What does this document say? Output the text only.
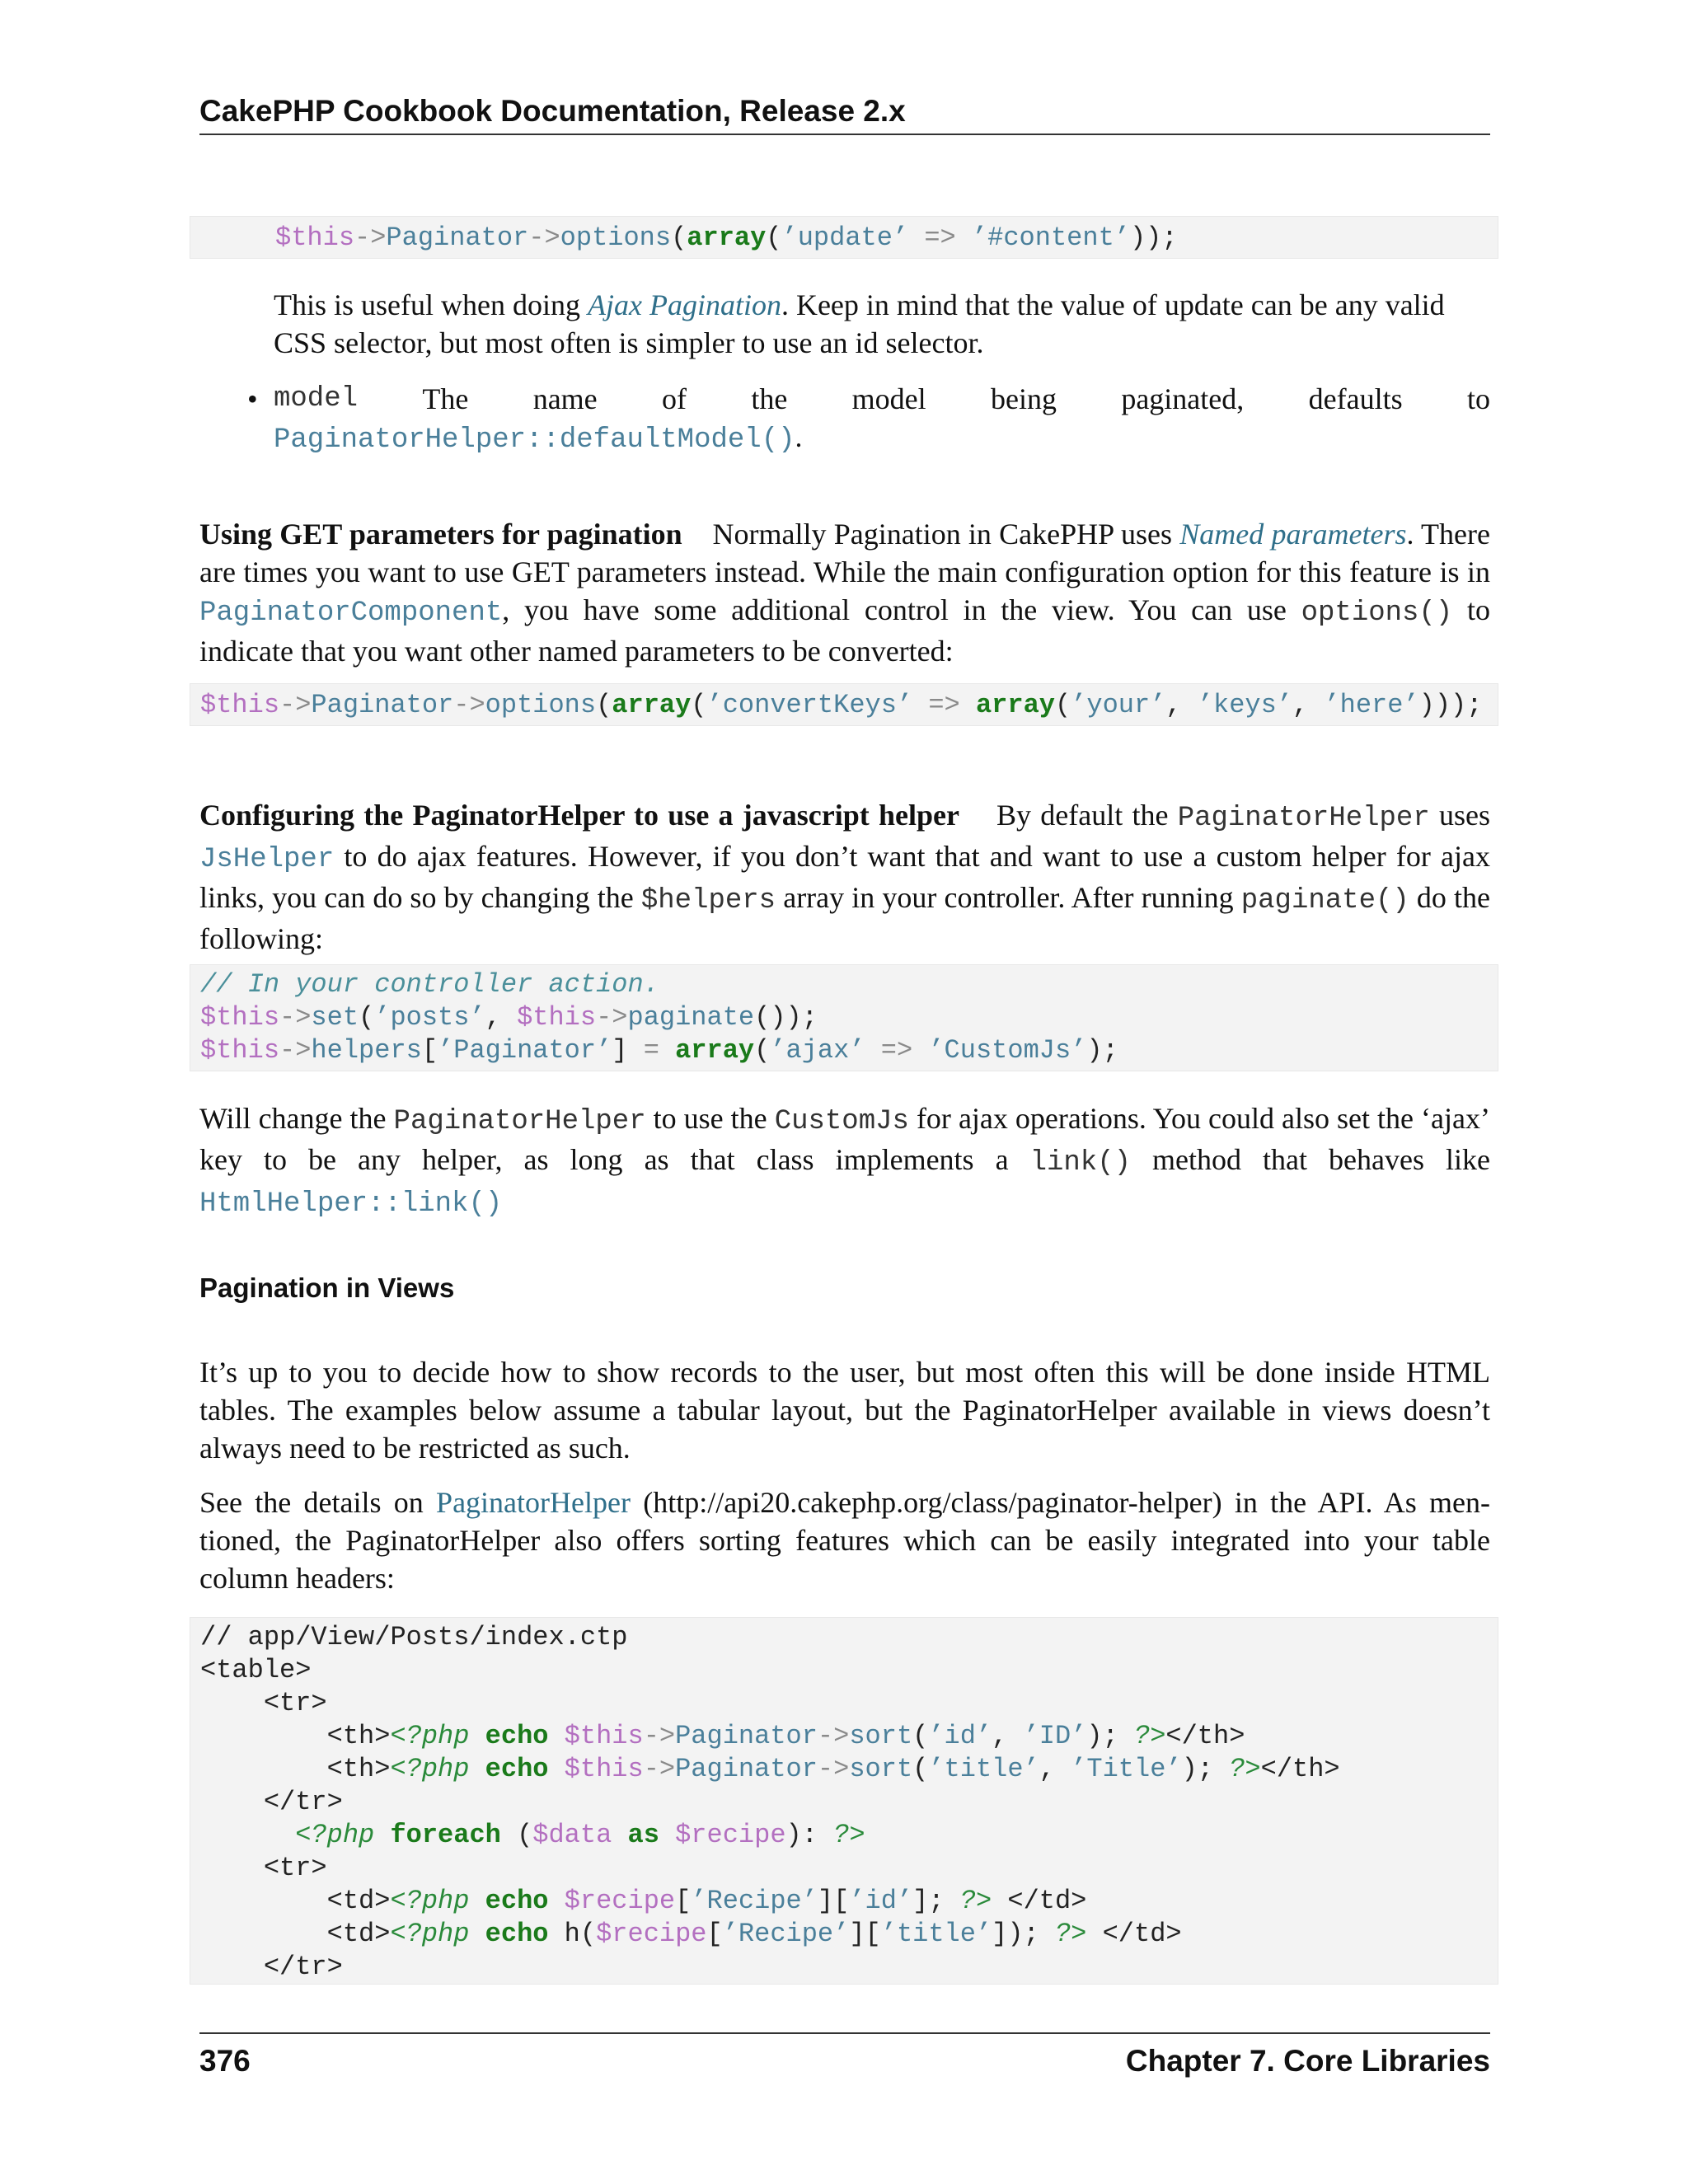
CakePHP Cookbook Documentation, Release 2.x
$this->Paginator->options(array(’update’ => ’#content’));
This is useful when doing Ajax Pagination. Keep in mind that the value of update can be any valid
CSS selector, but most often is simpler to use an id selector.
• model The name of the model being paginated, defaults to
PaginatorHelper::defaultModel().
Using GET parameters for pagination Normally Pagination in CakePHP uses Named parameters. There are times you want to use GET parameters instead. While the main configuration option for this feature is in PaginatorComponent, you have some additional control in the view. You can use options() to indicate that you want other named parameters to be converted:
$this->Paginator->options(array(’convertKeys’ => array(’your’, ’keys’, ’here’)));
Configuring the PaginatorHelper to use a javascript helper By default the PaginatorHelper uses JsHelper to do ajax features. However, if you don’t want that and want to use a custom helper for ajax links, you can do so by changing the $helpers array in your controller. After running paginate() do the following:
// In your controller action.
$this->set(’posts’, $this->paginate());
$this->helpers[’Paginator’] = array(’ajax’ => ’CustomJs’);
Will change the PaginatorHelper to use the CustomJs for ajax operations. You could also set the ‘ajax’ key to be any helper, as long as that class implements a link() method that behaves like HtmlHelper::link()
Pagination in Views
It’s up to you to decide how to show records to the user, but most often this will be done inside HTML tables. The examples below assume a tabular layout, but the PaginatorHelper available in views doesn’t always need to be restricted as such.
See the details on PaginatorHelper (http://api20.cakephp.org/class/paginator-helper) in the API. As men-tioned, the PaginatorHelper also offers sorting features which can be easily integrated into your table column headers:
// app/View/Posts/index.ctp
<table>
<tr>
<th><?php echo $this->Paginator->sort(’id’, ’ID’); ?></th>
<th><?php echo $this->Paginator->sort(’title’, ’Title’); ?></th>
</tr>
<?php foreach ($data as $recipe): ?>
<tr>
<td><?php echo $recipe[’Recipe’][’id’]; ?> </td>
<td><?php echo h($recipe[’Recipe’][’title’]); ?> </td>
</tr>
376	Chapter 7. Core Libraries
